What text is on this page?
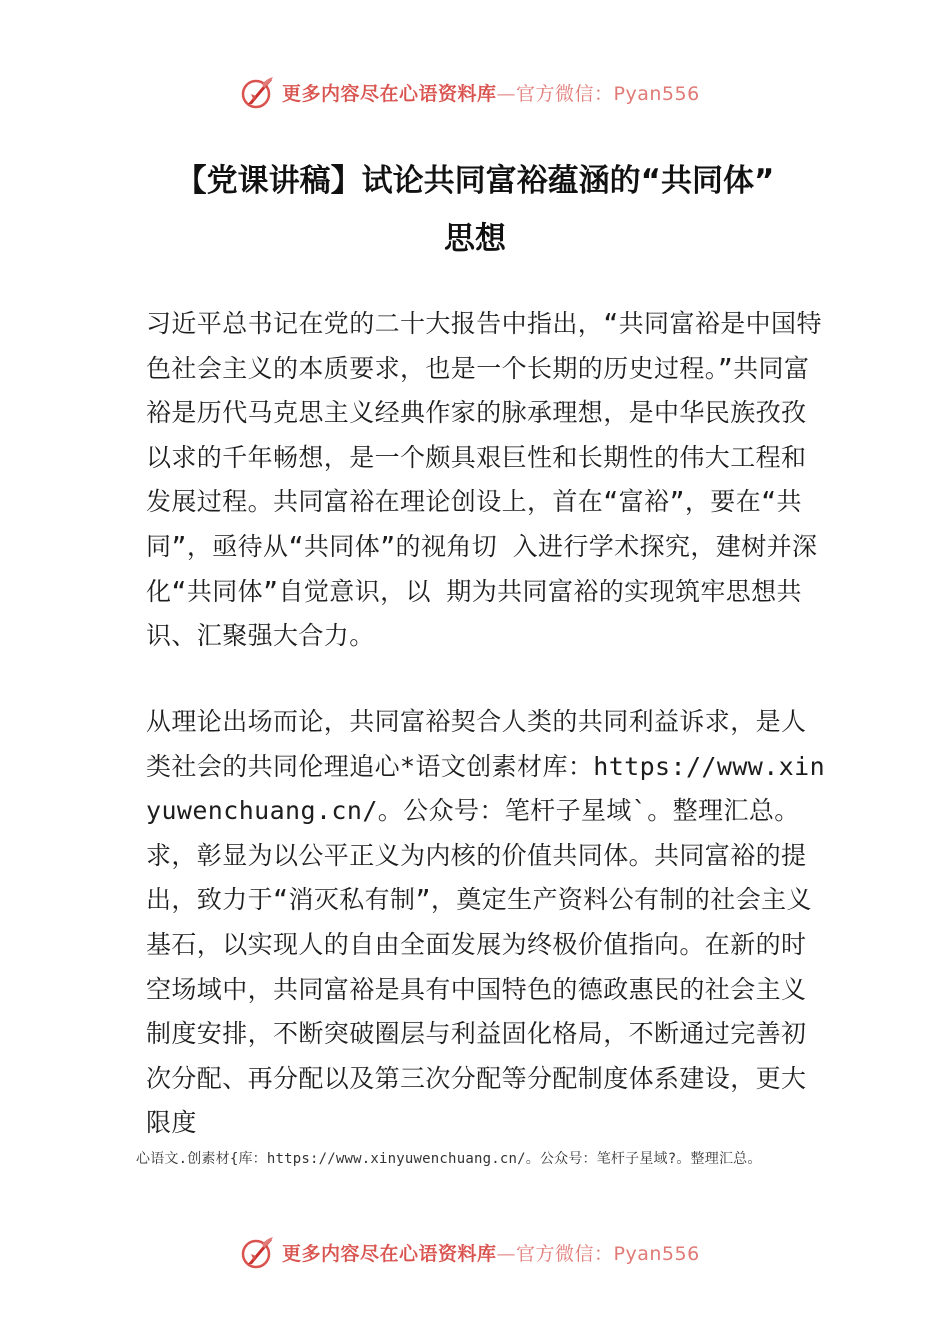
更多内容尽在心语资料库—官方微信：Pyan556
【党课讲稿】试论共同富裕蕴涵的“共同体”
思想

习近平总书记在党的二十大报告中指出，“共同富裕是中国特色社会主义的本质要求，也是一个长期的历史过程。”共同富裕是历代马克思主义经典作家的脉承理想，是中华民族孜孜以求的千年畅想，是一个颇具艰巨性和长期性的伟大工程和发展过程。共同富裕在理论创设上，首在“富裕”，要在“共同”，亟待从“共同体”的视角切 入进行学术探究，建树并深化“共同体”自觉意识，以 期为共同富裕的实现筑牢思想共识、汇聚强大合力。

从理论出场而论，共同富裕契合人类的共同利益诉求，是人类社会的共同伦理追心*语文创素材库：https://www.xinyuwenchuang.cn/。公众号：笔杆子星域`。整理汇总。求，彰显为以公平正义为内核的价值共同体。共同富裕的提出，致力于“消灭私有制”，奠定生产资料公有制的社会主义基石，以实现人的自由全面发展为终极价值指向。在新的时空场域中，共同富裕是具有中国特色的德政惠民的社会主义制度安排，不断突破圈层与利益固化格局，不断通过完善初次分配、再分配以及第三次分配等分配制度体系建设，更大限度

心语文.创素材{库：https://www.xinyuwenchuang.cn/。公众号：笔杆子星域?。整理汇总。
更多内容尽在心语资料库—官方微信：Pyan556
